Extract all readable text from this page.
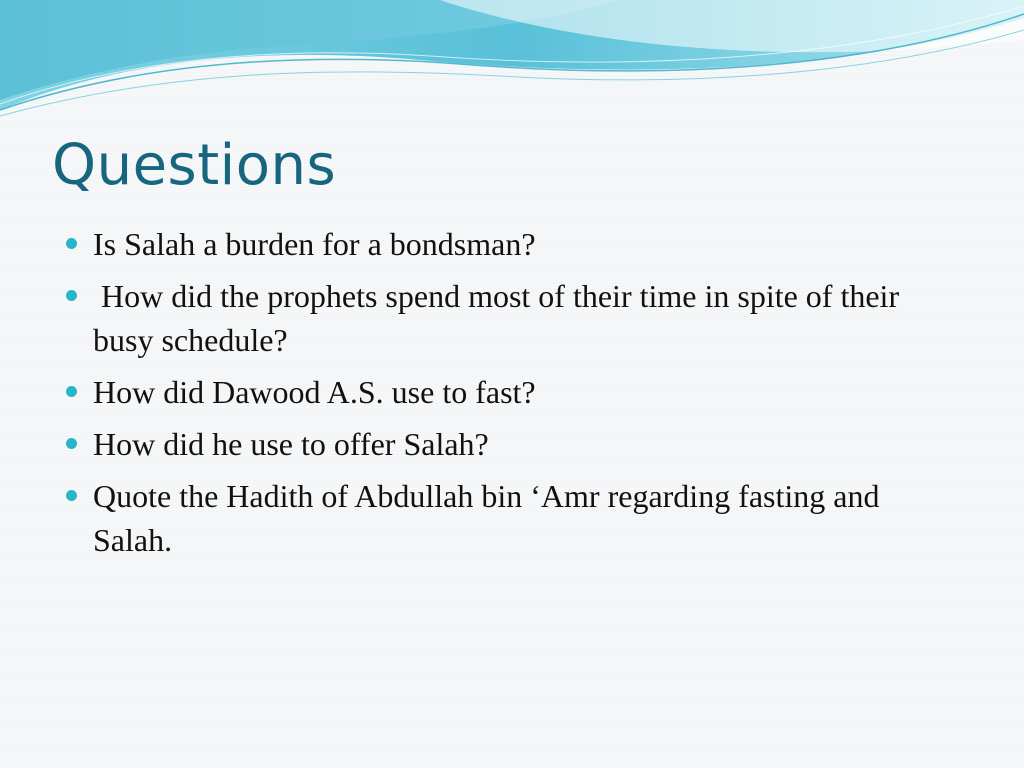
Questions
Is Salah a burden for a bondsman?
How did the prophets spend most of their time in spite of their busy schedule?
How did Dawood A.S. use to fast?
How did he use to offer Salah?
Quote the Hadith of Abdullah bin ‘Amr regarding fasting and Salah.
